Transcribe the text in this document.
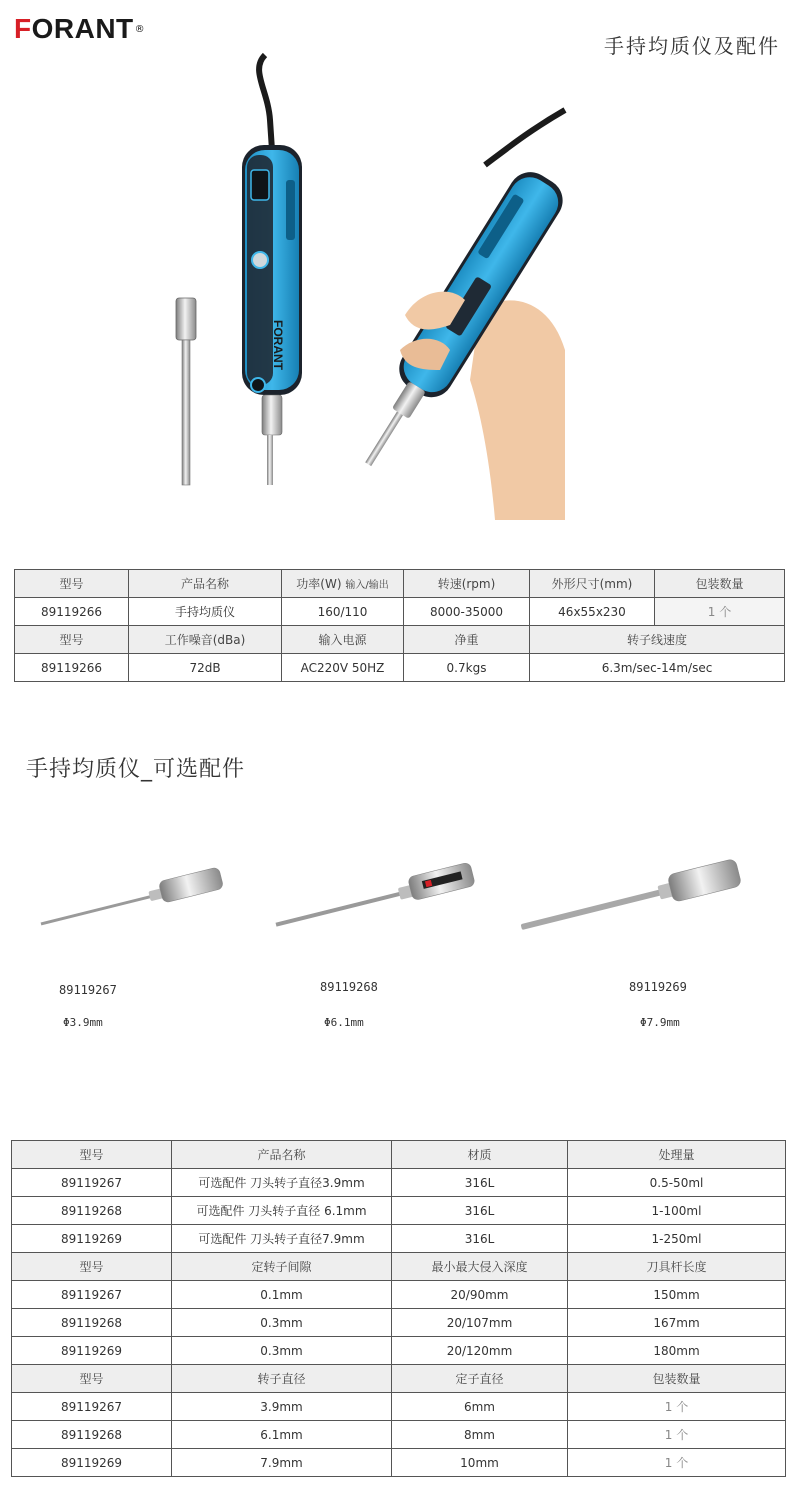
FORANT ®
手持均质仪及配件
FORANT
型号	产品名称	功率(W) 输入/输出	转速(rpm)	外形尺寸(mm)	包装数量
89119266	手持均质仪	160/110	8000-35000	46x55x230	1 个
型号	工作噪音(dBa)	输入电源	净重	转子线速度	
89119266	72dB	AC220V 50HZ	0.7kgs	6.3m/sec-14m/sec	
手持均质仪_可选配件
89119267
Φ3.9mm
89119268
Φ6.1mm
89119269
Φ7.9mm
型号	产品名称	材质	处理量
89119267	可选配件 刀头转子直径3.9mm	316L	0.5-50ml
89119268	可选配件 刀头转子直径 6.1mm	316L	1-100ml
89119269	可选配件 刀头转子直径7.9mm	316L	1-250ml
型号	定转子间隙	最小最大侵入深度	刀具杆长度
89119267	0.1mm	20/90mm	150mm
89119268	0.3mm	20/107mm	167mm
89119269	0.3mm	20/120mm	180mm
型号	转子直径	定子直径	包装数量
89119267	3.9mm	6mm	1 个
89119268	6.1mm	8mm	1 个
89119269	7.9mm	10mm	1 个
